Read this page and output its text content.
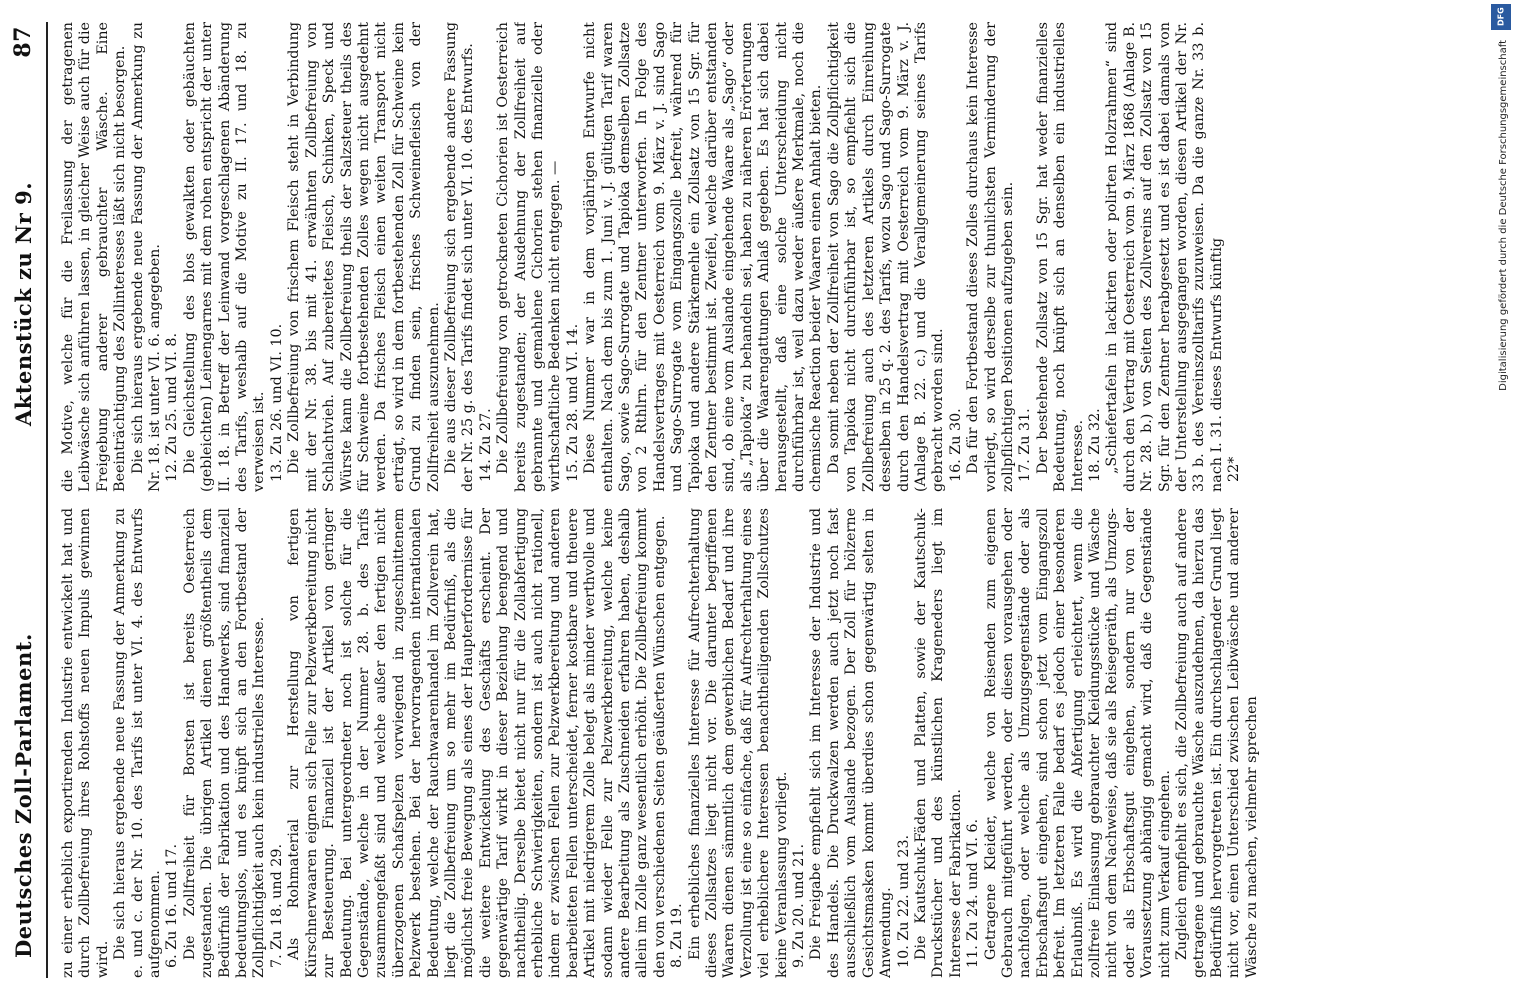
Deutsches Zoll-Parlament.
Aktenstück zu Nr 9.
87

zu einer erheblich exportirenden Industrie entwickelt hat und durch Zollbefreiung ihres Rohstoffs neuen Impuls gewinnen wird. Die sich hieraus ergebende neue Fassung der Anmerkung zu e. und c. der Nr. 10. des Tarifs ist unter VI. 4. des Entwurfs aufgenommen. 6. Zu 16. und 17. Die Zollfreiheit für Borsten ist bereits Oesterreich zugestanden. Die übrigen Artikel dienen größtentheils dem Bedürfniß der Fabrikation und des Handwerks, sind finanziell bedeutungslos, und es knüpft sich an den Fortbestand der Zollpflichtigkeit auch kein industrielles Interesse. 7. Zu 18. und 29. Als Rohmaterial zur Herstellung von fertigen Kürschnerwaaren eignen sich Felle zur Pelzwerkbereitung nicht zur Besteuerung. Finanziell ist der Artikel von geringer Bedeutung. Bei untergeordneter noch ist solche für die Gegenstände, welche in der Nummer 28. b. des Tarifs zusammengefaßt sind und welche außer den fertigen nicht überzogenen Schafspelzen vorwiegend in zugeschnittenem Pelzwerk bestehen. Bei der hervorragenden internationalen Bedeutung, welche der Rauchwaarenhandel im Zollverein hat, liegt die Zollbefreiung um so mehr im Bedürfniß, als die möglichst freie Bewegung als eines der Haupterfordernisse für die weitere Entwickelung des Geschäfts erscheint. Der gegenwärtige Tarif wirkt in dieser Beziehung beengend und nachtheilig. Derselbe bietet nicht nur für die Zollabfertigung erhebliche Schwierigkeiten, sondern ist auch nicht rationell, indem er zwischen Fellen zur Pelzwerkbereitung und anderen bearbeiteten Fellen unterscheidet, ferner kostbare und theuere Artikel mit niedrigerem Zolle belegt als minder werthvolle und sodann wieder Felle zur Pelzwerkbereitung, welche keine andere Bearbeitung als Zuschneiden erfahren haben, deshalb allein im Zolle ganz wesentlich erhöht. Die Zollbefreiung kommt den von verschiedenen Seiten geäußerten Wünschen entgegen. 8. Zu 19. Ein erhebliches finanzielles Interesse für Aufrechterhaltung dieses Zollsatzes liegt nicht vor. Die darunter begriffenen Waaren dienen sämmtlich dem gewerblichen Bedarf und ihre Verzollung ist eine so einfache, daß für Aufrechterhaltung eines viel erheblichere Interessen benachtheiligenden Zollschutzes keine Veranlassung vorliegt. 9. Zu 20. und 21. Die Freigabe empfiehlt sich im Interesse der Industrie und des Handels. Die Druckwalzen werden auch jetzt noch fast ausschließlich vom Auslande bezogen. Der Zoll für hölzerne Gesichtsmasken kommt überdies schon gegenwärtig selten in Anwendung. 10. Zu 22. und 23. Die Kautschuk-Fäden und Platten, sowie der Kautschuk-Druckstücher und des künstlichen Krageneders liegt im Interesse der Fabrikation. 11. Zu 24. und VI. 6. Getragene Kleider, welche von Reisenden zum eigenen Gebrauch mitgeführt werden, oder diesen vorausgehen oder nachfolgen, oder welche als Umzugsgegenstände oder als Erbschaftsgut eingehen, sind schon jetzt vom Eingangszoll befreit. Im letzteren Falle bedarf es jedoch einer besonderen Erlaubniß. Es wird die Abfertigung erleichtert, wenn die zollfreie Einlassung gebrauchter Kleidungsstücke und Wäsche nicht von dem Nachweise, daß sie als Reisegeräth, als Umzugs- oder als Erbschaftsgut eingehen, sondern nur von der Voraussetzung abhängig gemacht wird, daß die Gegenstände nicht zum Verkauf eingehen. Zugleich empfiehlt es sich, die Zollbefreiung auch auf andere getragene und gebrauchte Wäsche auszudehnen, da hierzu das Bedürfniß hervorgetreten ist. Ein durchschlagender Grund liegt nicht vor, einen Unterschied zwischen Leibwäsche und anderer Wäsche zu machen, vielmehr sprechen

die Motive, welche für die Freilassung der getragenen Leibwäsche sich anführen lassen, in gleicher Weise auch für die Freigebung anderer gebrauchter Wäsche. Eine Beeinträchtigung des Zollinteresses läßt sich nicht besorgen. Die sich hieraus ergebende neue Fassung der Anmerkung zu Nr. 18. ist unter VI. 6. angegeben. 12. Zu 25. und VI. 8. Die Gleichstellung des blos gewalkten oder gebäuchten (gebleichten) Leinengarnes mit dem rohen entspricht der unter II. 18. in Betreff der Leinwand vorgeschlagenen Abänderung des Tarifs, weshalb auf die Motive zu II. 17. und 18. zu verweisen ist. 13. Zu 26. und VI. 10. Die Zollbefreiung von frischem Fleisch steht in Verbindung mit der Nr. 38. bis mit 41. erwähnten Zollbefreiung von Schlachtvieh. Auf zubereitetes Fleisch, Schinken, Speck und Würste kann die Zollbefreiung theils der Salzsteuer theils des für Schweine fortbestehenden Zolles wegen nicht ausgedehnt werden. Da frisches Fleisch einen weiten Transport nicht erträgt, so wird in dem fortbestehenden Zoll für Schweine kein Grund zu finden sein, frisches Schweinefleisch von der Zollfreiheit auszunehmen. Die aus dieser Zollbefreiung sich ergebende andere Fassung der Nr. 25 g. des Tarifs findet sich unter VI. 10. des Entwurfs. 14. Zu 27. Die Zollbefreiung von getrockneten Cichorien ist Oesterreich bereits zugestanden; der Ausdehnung der Zollfreiheit auf gebrannte und gemahlene Cichorien stehen finanzielle oder wirthschaftliche Bedenken nicht entgegen. — 15. Zu 28. und VI. 14. Diese Nummer war in dem vorjährigen Entwurfe nicht enthalten. Nach dem bis zum 1. Juni v. J. gültigen Tarif waren Sago, sowie Sago-Surrogate und Tapioka demselben Zollsatze von 2 Rthlrn. für den Zentner unterworfen. In Folge des Handelsvertrages mit Oesterreich vom 9. März v. J. sind Sago und Sago-Surrogate vom Eingangszolle befreit, während für Tapioka und andere Stärkemehle ein Zollsatz von 15 Sgr. für den Zentner bestimmt ist. Zweifel, welche darüber entstanden sind, ob eine vom Auslande eingehende Waare als „Sago“ oder als „Tapioka“ zu behandeln sei, haben zu näheren Erörterungen über die Waarengattungen Anlaß gegeben. Es hat sich dabei herausgestellt, daß eine solche Unterscheidung nicht durchführbar ist, weil dazu weder äußere Merkmale, noch die chemische Reaction beider Waaren einen Anhalt bieten. Da somit neben der Zollfreiheit von Sago die Zollpflichtigkeit von Tapioka nicht durchführbar ist, so empfiehlt sich die Zollbefreiung auch des letzteren Artikels durch Einreihung desselben in 25 q. 2. des Tarifs, wozu Sago und Sago-Surrogate durch den Handelsvertrag mit Oesterreich vom 9. März v. J. (Anlage B. 22. c.) und die Verallgemeinerung seines Tarifs gebracht worden sind. 16. Zu 30. Da für den Fortbestand dieses Zolles durchaus kein Interesse vorliegt, so wird derselbe zur thunlichsten Verminderung der zollpflichtigen Positionen aufzugeben sein. 17. Zu 31. Der bestehende Zollsatz von 15 Sgr. hat weder finanzielles Bedeutung, noch knüpft sich an denselben ein industrielles Interesse. 18. Zu 32. „Schiefertafeln in lackirten oder polirten Holzrahmen“ sind durch den Vertrag mit Oesterreich vom 9. März 1868 (Anlage B. Nr. 28. b.) von Seiten des Zollvereins auf den Zollsatz von 15 Sgr. für den Zentner herabgesetzt und es ist dabei damals von der Unterstellung ausgegangen worden, diesen Artikel der Nr. 33 b. des Vereinszolltarifs zuzuweisen. Da die ganze Nr. 33 b. nach I. 31. dieses Entwurfs künftig 22*

DFG
Digitalisierung gefördert durch die Deutsche Forschungsgemeinschaft
